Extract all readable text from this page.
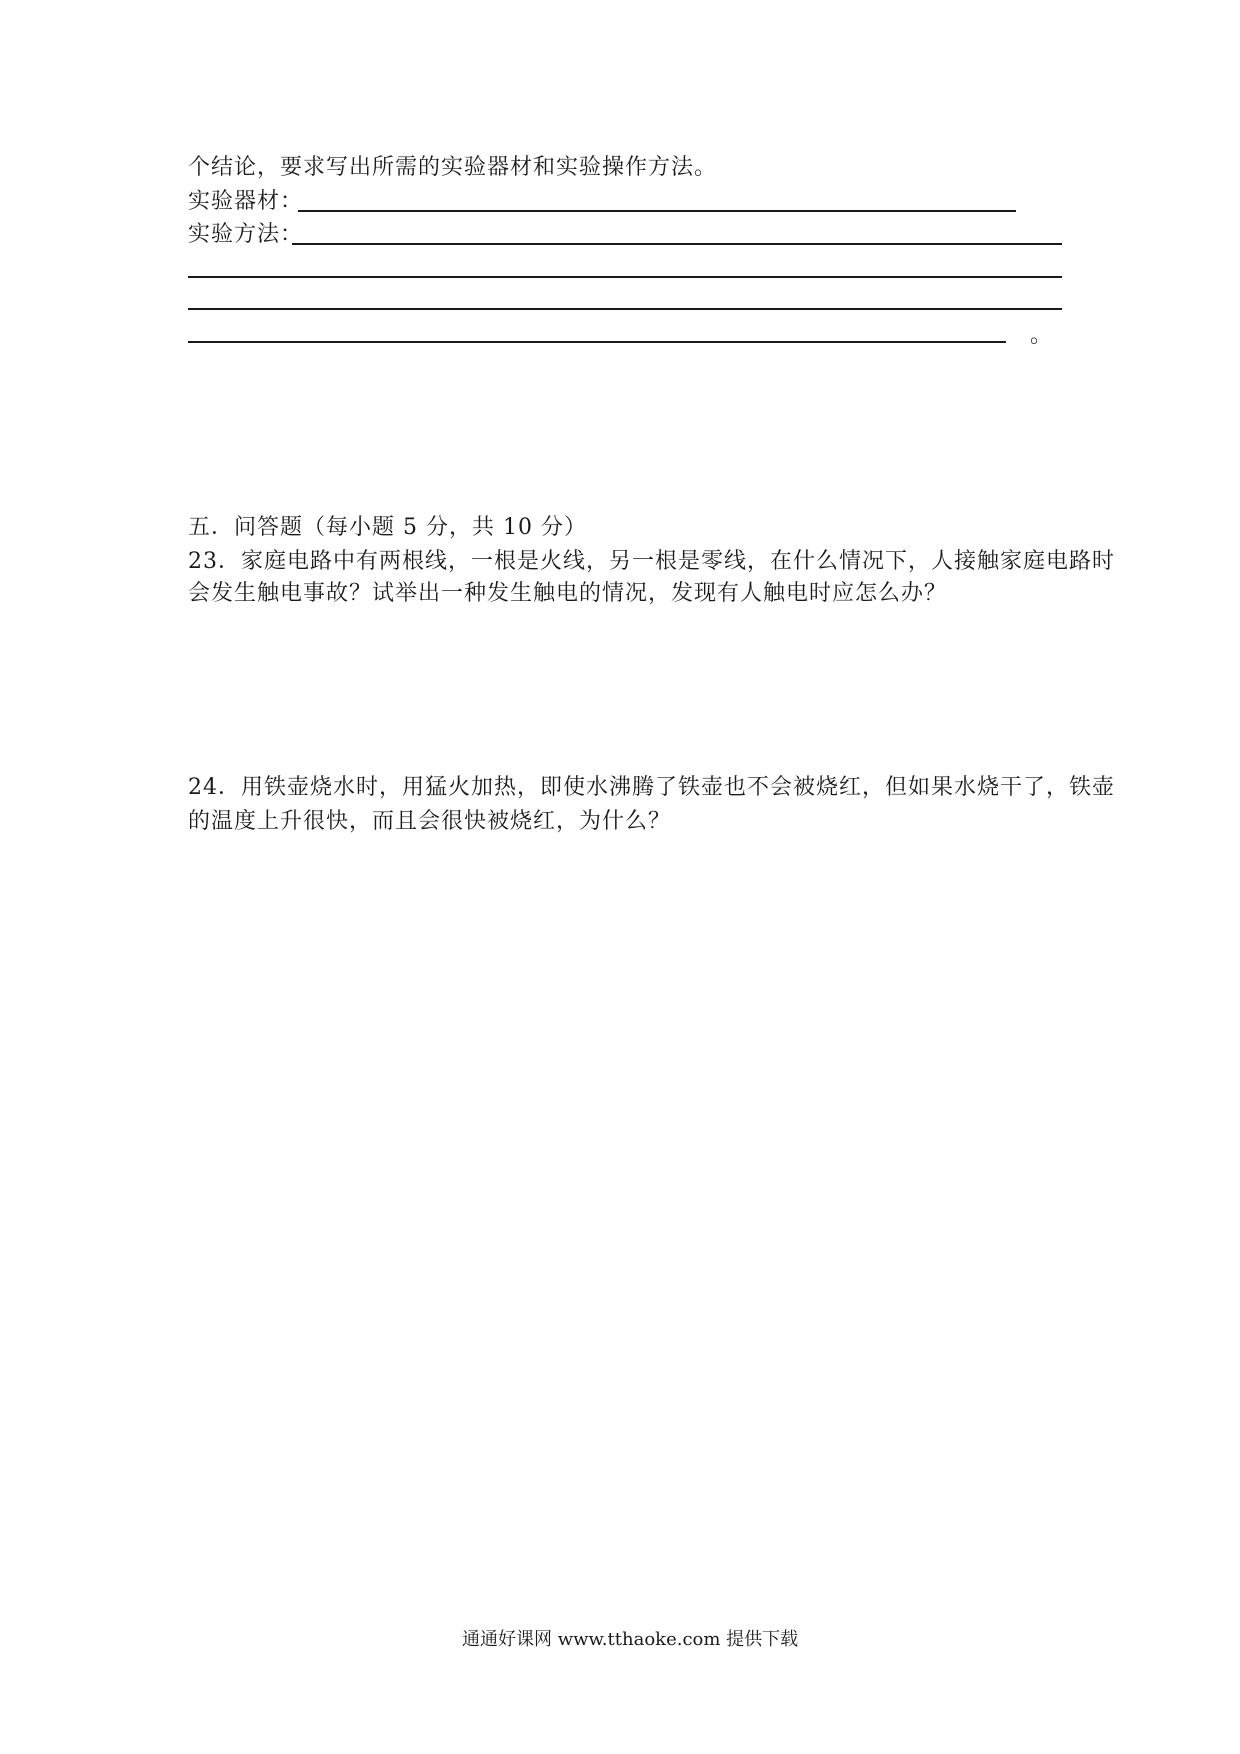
个结论，要求写出所需的实验器材和实验操作方法。
实验器材：
实验方法：
。
五．问答题（每小题 5 分，共 10 分）
23．家庭电路中有两根线，一根是火线，另一根是零线，在什么情况下，人接触家庭电路时
会发生触电事故？试举出一种发生触电的情况，发现有人触电时应怎么办？
24．用铁壶烧水时，用猛火加热，即使水沸腾了铁壶也不会被烧红，但如果水烧干了，铁壶
的温度上升很快，而且会很快被烧红，为什么？
通通好课网 www.tthaoke.com 提供下载
